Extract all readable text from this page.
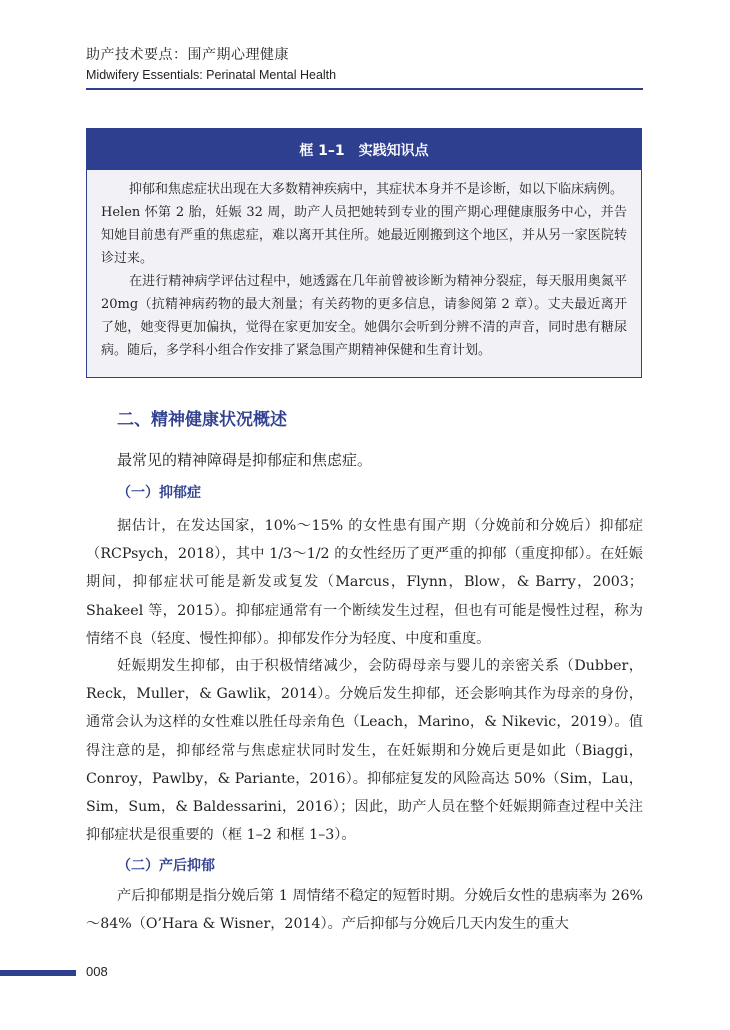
助产技术要点：围产期心理健康
Midwifery Essentials: Perinatal Mental Health
框 1–1　实践知识点

抑郁和焦虑症状出现在大多数精神疾病中，其症状本身并不是诊断，如以下临床病例。

Helen 怀第 2 胎，妊娠 32 周，助产人员把她转到专业的围产期心理健康服务中心，并告知她目前患有严重的焦虑症，难以离开其住所。她最近刚搬到这个地区，并从另一家医院转诊过来。

在进行精神病学评估过程中，她透露在几年前曾被诊断为精神分裂症，每天服用奥氮平 20mg（抗精神病药物的最大剂量；有关药物的更多信息，请参阅第 2 章）。丈夫最近离开了她，她变得更加偏执，觉得在家更加安全。她偶尔会听到分辨不清的声音，同时患有糖尿病。随后，多学科小组合作安排了紧急围产期精神保健和生育计划。

二、精神健康状况概述
最常见的精神障碍是抑郁症和焦虑症。
（一）抑郁症

据估计，在发达国家，10%～15% 的女性患有围产期（分娩前和分娩后）抑郁症（RCPsych，2018），其中 1/3～1/2 的女性经历了更严重的抑郁（重度抑郁）。在妊娠期间，抑郁症状可能是新发或复发（Marcus，Flynn，Blow，& Barry，2003；Shakeel 等，2015）。抑郁症通常有一个断续发生过程，但也有可能是慢性过程，称为情绪不良（轻度、慢性抑郁）。抑郁发作分为轻度、中度和重度。

妊娠期发生抑郁，由于积极情绪减少，会防碍母亲与婴儿的亲密关系（Dubber，Reck，Muller，& Gawlik，2014）。分娩后发生抑郁，还会影响其作为母亲的身份，通常会认为这样的女性难以胜任母亲角色（Leach，Marino，& Nikevic，2019）。值得注意的是，抑郁经常与焦虑症状同时发生，在妊娠期和分娩后更是如此（Biaggi，Conroy，Pawlby，& Pariante，2016）。抑郁症复发的风险高达 50%（Sim，Lau，Sim，Sum，& Baldessarini，2016）；因此，助产人员在整个妊娠期筛查过程中关注抑郁症状是很重要的（框 1–2 和框 1–3）。

（二）产后抑郁

产后抑郁期是指分娩后第 1 周情绪不稳定的短暂时期。分娩后女性的患病率为 26%～84%（O’Hara & Wisner，2014）。产后抑郁与分娩后几天内发生的重大

008
